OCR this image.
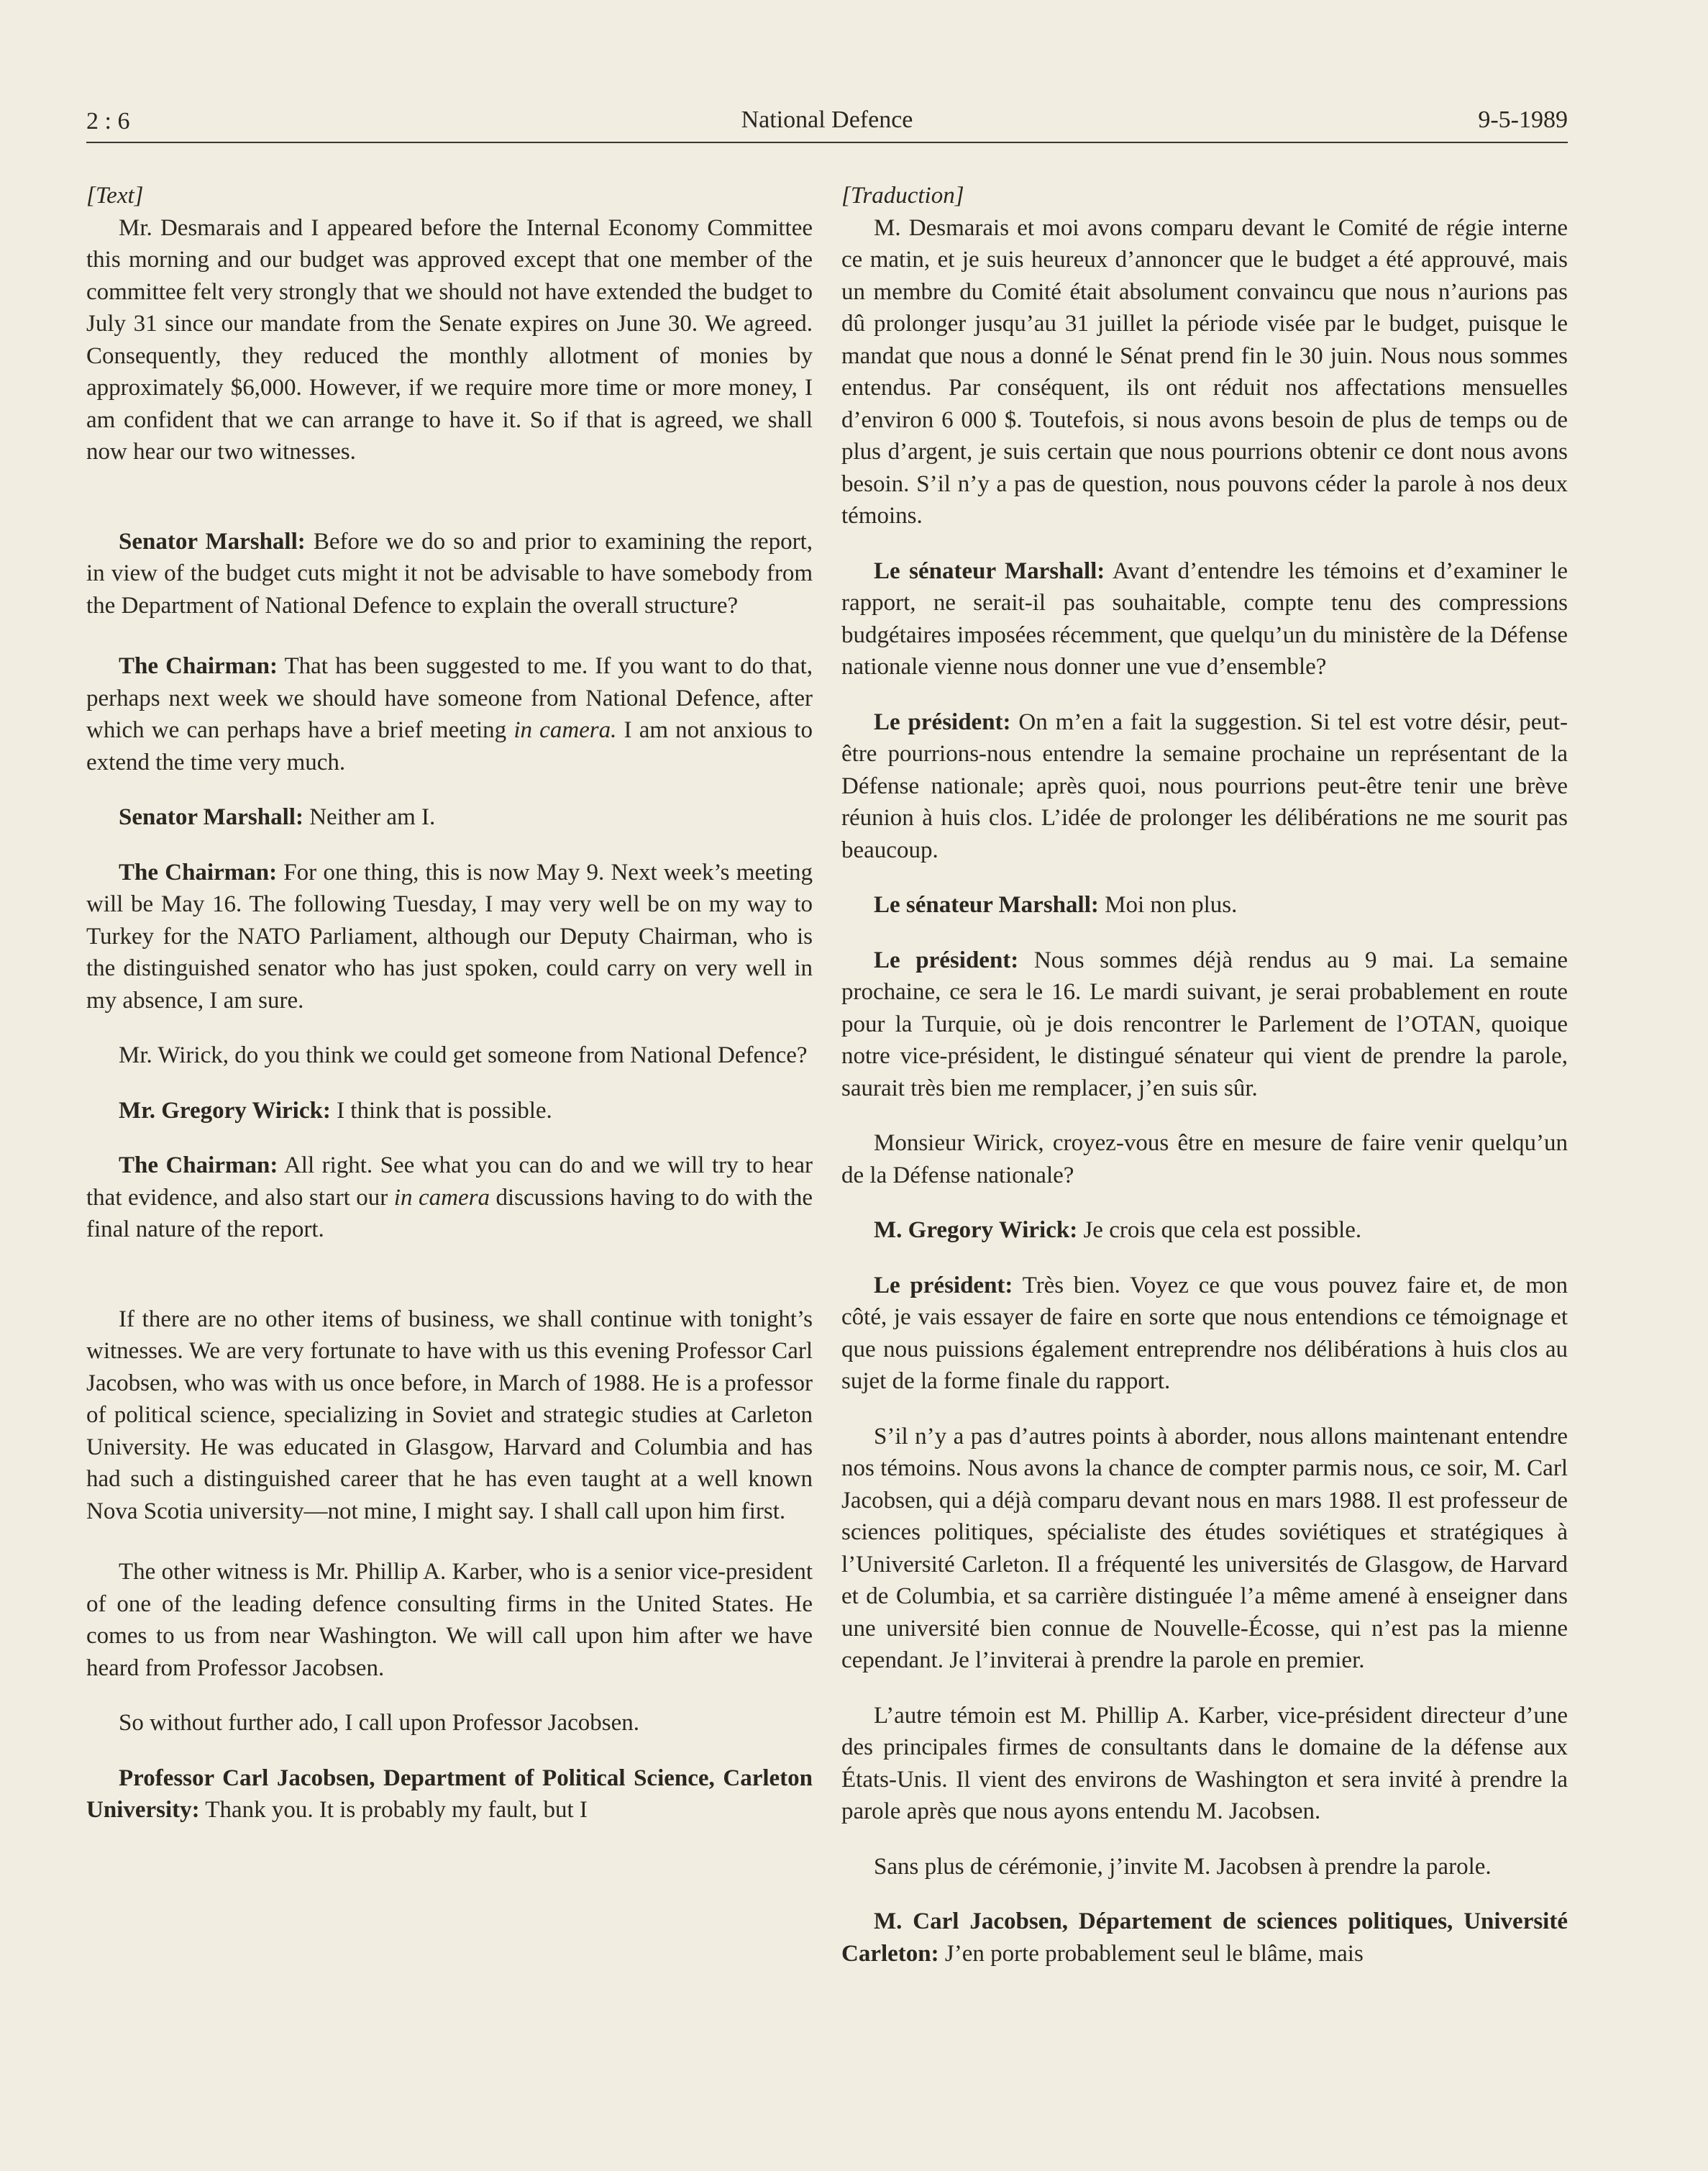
2 : 6	National Defence	9-5-1989

[Text]

Mr. Desmarais and I appeared before the Internal Economy Committee this morning and our budget was approved except that one member of the committee felt very strongly that we should not have extended the budget to July 31 since our mandate from the Senate expires on June 30. We agreed. Consequently, they reduced the monthly allotment of monies by approximately $6,000. However, if we require more time or more money, I am confident that we can arrange to have it. So if that is agreed, we shall now hear our two witnesses.

Senator Marshall: Before we do so and prior to examining the report, in view of the budget cuts might it not be advisable to have somebody from the Department of National Defence to explain the overall structure?

The Chairman: That has been suggested to me. If you want to do that, perhaps next week we should have someone from National Defence, after which we can perhaps have a brief meeting in camera. I am not anxious to extend the time very much.

Senator Marshall: Neither am I.

The Chairman: For one thing, this is now May 9. Next week’s meeting will be May 16. The following Tuesday, I may very well be on my way to Turkey for the NATO Parliament, although our Deputy Chairman, who is the distinguished senator who has just spoken, could carry on very well in my absence, I am sure.

Mr. Wirick, do you think we could get someone from National Defence?

Mr. Gregory Wirick: I think that is possible.

The Chairman: All right. See what you can do and we will try to hear that evidence, and also start our in camera discussions having to do with the final nature of the report.

If there are no other items of business, we shall continue with tonight’s witnesses. We are very fortunate to have with us this evening Professor Carl Jacobsen, who was with us once before, in March of 1988. He is a professor of political science, specializing in Soviet and strategic studies at Carleton University. He was educated in Glasgow, Harvard and Columbia and has had such a distinguished career that he has even taught at a well known Nova Scotia university—not mine, I might say. I shall call upon him first.

The other witness is Mr. Phillip A. Karber, who is a senior vice-president of one of the leading defence consulting firms in the United States. He comes to us from near Washington. We will call upon him after we have heard from Professor Jacobsen.

So without further ado, I call upon Professor Jacobsen.

Professor Carl Jacobsen, Department of Political Science, Carleton University: Thank you. It is probably my fault, but I

[Traduction]

M. Desmarais et moi avons comparu devant le Comité de régie interne ce matin, et je suis heureux d’annoncer que le budget a été approuvé, mais un membre du Comité était absolument convaincu que nous n’aurions pas dû prolonger jusqu’au 31 juillet la période visée par le budget, puisque le mandat que nous a donné le Sénat prend fin le 30 juin. Nous nous sommes entendus. Par conséquent, ils ont réduit nos affectations mensuelles d’environ 6 000 $. Toutefois, si nous avons besoin de plus de temps ou de plus d’argent, je suis certain que nous pourrions obtenir ce dont nous avons besoin. S’il n’y a pas de question, nous pouvons céder la parole à nos deux témoins.

Le sénateur Marshall: Avant d’entendre les témoins et d’examiner le rapport, ne serait-il pas souhaitable, compte tenu des compressions budgétaires imposées récemment, que quelqu’un du ministère de la Défense nationale vienne nous donner une vue d’ensemble?

Le président: On m’en a fait la suggestion. Si tel est votre désir, peut-être pourrions-nous entendre la semaine prochaine un représentant de la Défense nationale; après quoi, nous pourrions peut-être tenir une brève réunion à huis clos. L’idée de prolonger les délibérations ne me sourit pas beaucoup.

Le sénateur Marshall: Moi non plus.

Le président: Nous sommes déjà rendus au 9 mai. La semaine prochaine, ce sera le 16. Le mardi suivant, je serai probablement en route pour la Turquie, où je dois rencontrer le Parlement de l’OTAN, quoique notre vice-président, le distingué sénateur qui vient de prendre la parole, saurait très bien me remplacer, j’en suis sûr.

Monsieur Wirick, croyez-vous être en mesure de faire venir quelqu’un de la Défense nationale?

M. Gregory Wirick: Je crois que cela est possible.

Le président: Très bien. Voyez ce que vous pouvez faire et, de mon côté, je vais essayer de faire en sorte que nous entendions ce témoignage et que nous puissions également entreprendre nos délibérations à huis clos au sujet de la forme finale du rapport.

S’il n’y a pas d’autres points à aborder, nous allons maintenant entendre nos témoins. Nous avons la chance de compter parmis nous, ce soir, M. Carl Jacobsen, qui a déjà comparu devant nous en mars 1988. Il est professeur de sciences politiques, spécialiste des études soviétiques et stratégiques à l’Université Carleton. Il a fréquenté les universités de Glasgow, de Harvard et de Columbia, et sa carrière distinguée l’a même amené à enseigner dans une université bien connue de Nouvelle-Écosse, qui n’est pas la mienne cependant. Je l’inviterai à prendre la parole en premier.

L’autre témoin est M. Phillip A. Karber, vice-président directeur d’une des principales firmes de consultants dans le domaine de la défense aux États-Unis. Il vient des environs de Washington et sera invité à prendre la parole après que nous ayons entendu M. Jacobsen.

Sans plus de cérémonie, j’invite M. Jacobsen à prendre la parole.

M. Carl Jacobsen, Département de sciences politiques, Université Carleton: J’en porte probablement seul le blâme, mais
